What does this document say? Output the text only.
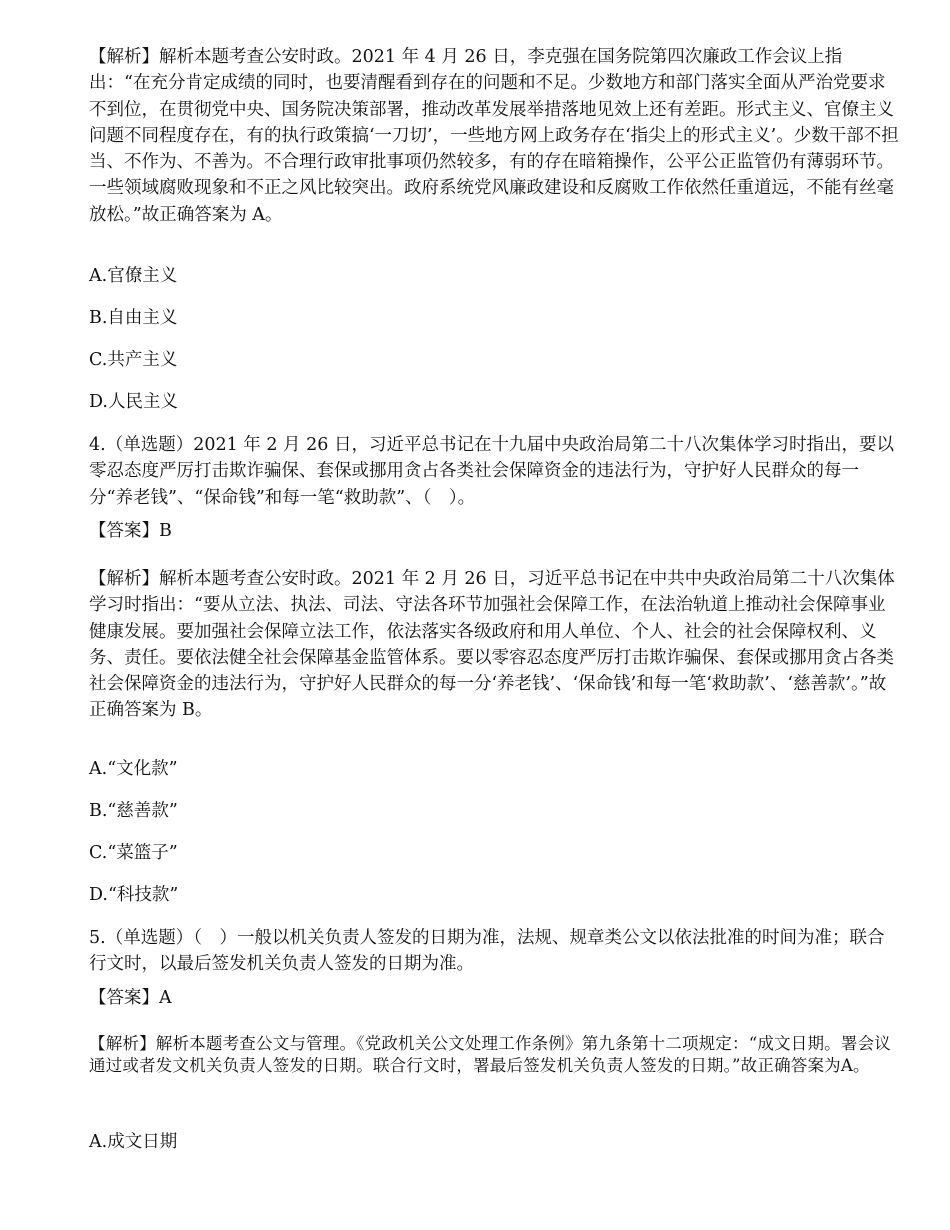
【解析】解析本题考查公安时政。2021 年 4 月 26 日，李克强在国务院第四次廉政工作会议上指出：“在充分肯定成绩的同时，也要清醒看到存在的问题和不足。少数地方和部门落实全面从严治党要求不到位，在贯彻党中央、国务院决策部署，推动改革发展举措落地见效上还有差距。形式主义、官僚主义问题不同程度存在，有的执行政策搞‘一刀切’，一些地方网上政务存在‘指尖上的形式主义’。少数干部不担当、不作为、不善为。不合理行政审批事项仍然较多，有的存在暗箱操作，公平公正监管仍有薄弱环节。一些领域腐败现象和不正之风比较突出。政府系统党风廉政建设和反腐败工作依然任重道远，不能有丝毫放松。”故正确答案为 A。
A.官僚主义
B.自由主义
C.共产主义
D.人民主义
4.（单选题）2021 年 2 月 26 日，习近平总书记在十九届中央政治局第二十八次集体学习时指出，要以零忍态度严厉打击欺诈骗保、套保或挪用贪占各类社会保障资金的违法行为，守护好人民群众的每一分“养老钱”、“保命钱”和每一笔“救助款”、（　）。
【答案】B
【解析】解析本题考查公安时政。2021 年 2 月 26 日，习近平总书记在中共中央政治局第二十八次集体学习时指出：“要从立法、执法、司法、守法各环节加强社会保障工作，在法治轨道上推动社会保障事业健康发展。要加强社会保障立法工作，依法落实各级政府和用人单位、个人、社会的社会保障权利、义务、责任。要依法健全社会保障基金监管体系。要以零容忍态度严厉打击欺诈骗保、套保或挪用贪占各类社会保障资金的违法行为，守护好人民群众的每一分‘养老钱’、‘保命钱’和每一笔‘救助款’、‘慈善款’。”故正确答案为 B。
A.“文化款”
B.“慈善款”
C.“菜篮子”
D.“科技款”
5.（单选题）（　）一般以机关负责人签发的日期为准，法规、规章类公文以依法批准的时间为准；联合行文时，以最后签发机关负责人签发的日期为准。
【答案】A
【解析】解析本题考查公文与管理。《党政机关公文处理工作条例》第九条第十二项规定：“成文日期。署会议通过或者发文机关负责人签发的日期。联合行文时，署最后签发机关负责人签发的日期。”故正确答案为A。
A.成文日期
